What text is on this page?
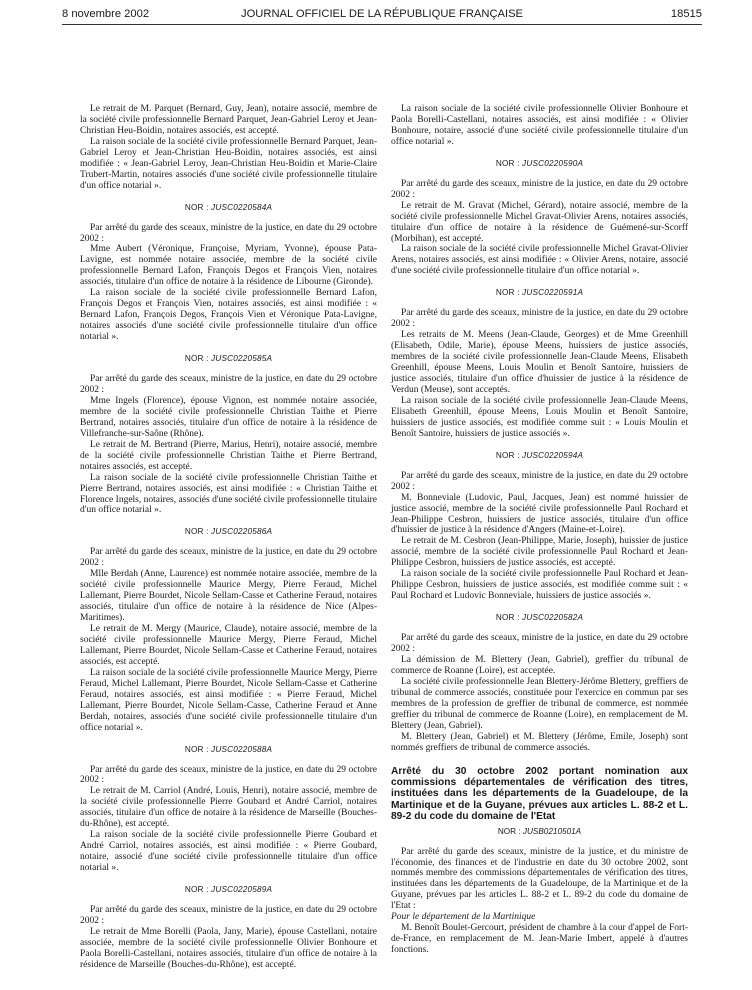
8 novembre 2002	JOURNAL OFFICIEL DE LA RÉPUBLIQUE FRANÇAISE	18515

Le retrait de M. Parquet (Bernard, Guy, Jean), notaire associé, membre de la société civile professionnelle Bernard Parquet, Jean-Gabriel Leroy et Jean-Christian Heu-Boidin, notaires associés, est accepté.

La raison sociale de la société civile professionnelle Bernard Parquet, Jean-Gabriel Leroy et Jean-Christian Heu-Boidin, notaires associés, est ainsi modifiée : « Jean-Gabriel Leroy, Jean-Christian Heu-Boidin et Marie-Claire Trubert-Martin, notaires associés d'une société civile professionnelle titulaire d'un office notarial ».

NOR : JUSC0220584A

Par arrêté du garde des sceaux, ministre de la justice, en date du 29 octobre 2002 :

Mme Aubert (Véronique, Françoise, Myriam, Yvonne), épouse Pata-Lavigne, est nommée notaire associée, membre de la société civile professionnelle Bernard Lafon, François Degos et François Vien, notaires associés, titulaire d'un office de notaire à la résidence de Libourne (Gironde).

La raison sociale de la société civile professionnelle Bernard Lafon, François Degos et François Vien, notaires associés, est ainsi modifiée : « Bernard Lafon, François Degos, François Vien et Véronique Pata-Lavigne, notaires associés d'une société civile professionnelle titulaire d'un office notarial ».

NOR : JUSC0220585A

Par arrêté du garde des sceaux, ministre de la justice, en date du 29 octobre 2002 :

Mme Ingels (Florence), épouse Vignon, est nommée notaire associée, membre de la société civile professionnelle Christian Taithe et Pierre Bertrand, notaires associés, titulaire d'un office de notaire à la résidence de Villefranche-sur-Saône (Rhône).

Le retrait de M. Bertrand (Pierre, Marius, Henri), notaire associé, membre de la société civile professionnelle Christian Taithe et Pierre Bertrand, notaires associés, est accepté.

La raison sociale de la société civile professionnelle Christian Taithe et Pierre Bertrand, notaires associés, est ainsi modifiée : « Christian Taithe et Florence Ingels, notaires, associés d'une société civile professionnelle titulaire d'un office notarial ».

NOR : JUSC0220586A

Par arrêté du garde des sceaux, ministre de la justice, en date du 29 octobre 2002 :

Mlle Berdah (Anne, Laurence) est nommée notaire associée, membre de la société civile professionnelle Maurice Mergy, Pierre Feraud, Michel Lallemant, Pierre Bourdet, Nicole Sellam-Casse et Catherine Feraud, notaires associés, titulaire d'un office de notaire à la résidence de Nice (Alpes-Maritimes).

Le retrait de M. Mergy (Maurice, Claude), notaire associé, membre de la société civile professionnelle Maurice Mergy, Pierre Feraud, Michel Lallemant, Pierre Bourdet, Nicole Sellam-Casse et Catherine Feraud, notaires associés, est accepté.

La raison sociale de la société civile professionnelle Maurice Mergy, Pierre Feraud, Michel Lallemant, Pierre Bourdet, Nicole Sellam-Casse et Catherine Feraud, notaires associés, est ainsi modifiée : « Pierre Feraud, Michel Lallemant, Pierre Bourdet, Nicole Sellam-Casse, Catherine Feraud et Anne Berdah, notaires, associés d'une société civile professionnelle titulaire d'un office notarial ».

NOR : JUSC0220588A

Par arrêté du garde des sceaux, ministre de la justice, en date du 29 octobre 2002 :

Le retrait de M. Carriol (André, Louis, Henri), notaire associé, membre de la société civile professionnelle Pierre Goubard et André Carriol, notaires associés, titulaire d'un office de notaire à la résidence de Marseille (Bouches-du-Rhône), est accepté.

La raison sociale de la société civile professionnelle Pierre Goubard et André Carriol, notaires associés, est ainsi modifiée : « Pierre Goubard, notaire, associé d'une société civile professionnelle titulaire d'un office notarial ».

NOR : JUSC0220589A

Par arrêté du garde des sceaux, ministre de la justice, en date du 29 octobre 2002 :

Le retrait de Mme Borelli (Paola, Jany, Marie), épouse Castellani, notaire associée, membre de la société civile professionnelle Olivier Bonhoure et Paola Borelli-Castellani, notaires associés, titulaire d'un office de notaire à la résidence de Marseille (Bouches-du-Rhône), est accepté.

La raison sociale de la société civile professionnelle Olivier Bonhoure et Paola Borelli-Castellani, notaires associés, est ainsi modifiée : « Olivier Bonhoure, notaire, associé d'une société civile professionnelle titulaire d'un office notarial ».

NOR : JUSC0220590A

Par arrêté du garde des sceaux, ministre de la justice, en date du 29 octobre 2002 :

Le retrait de M. Gravat (Michel, Gérard), notaire associé, membre de la société civile professionnelle Michel Gravat-Olivier Arens, notaires associés, titulaire d'un office de notaire à la résidence de Guémené-sur-Scorff (Morbihan), est accepté.

La raison sociale de la société civile professionnelle Michel Gravat-Olivier Arens, notaires associés, est ainsi modifiée : « Olivier Arens, notaire, associé d'une société civile professionnelle titulaire d'un office notarial ».

NOR : JUSC0220591A

Par arrêté du garde des sceaux, ministre de la justice, en date du 29 octobre 2002 :

Les retraits de M. Meens (Jean-Claude, Georges) et de Mme Greenhill (Elisabeth, Odile, Marie), épouse Meens, huissiers de justice associés, membres de la société civile professionnelle Jean-Claude Meens, Elisabeth Greenhill, épouse Meens, Louis Moulin et Benoît Santoire, huissiers de justice associés, titulaire d'un office d'huissier de justice à la résidence de Verdun (Meuse), sont acceptés.

La raison sociale de la société civile professionnelle Jean-Claude Meens, Elisabeth Greenhill, épouse Meens, Louis Moulin et Benoît Santoire, huissiers de justice associés, est modifiée comme suit : « Louis Moulin et Benoît Santoire, huissiers de justice associés ».

NOR : JUSC0220594A

Par arrêté du garde des sceaux, ministre de la justice, en date du 29 octobre 2002 :

M. Bonneviale (Ludovic, Paul, Jacques, Jean) est nommé huissier de justice associé, membre de la société civile professionnelle Paul Rochard et Jean-Philippe Cesbron, huissiers de justice associés, titulaire d'un office d'huissier de justice à la résidence d'Angers (Maine-et-Loire).

Le retrait de M. Cesbron (Jean-Philippe, Marie, Joseph), huissier de justice associé, membre de la société civile professionnelle Paul Rochard et Jean-Philippe Cesbron, huissiers de justice associés, est accepté.

La raison sociale de la société civile professionnelle Paul Rochard et Jean-Philippe Cesbron, huissiers de justice associés, est modifiée comme suit : « Paul Rochard et Ludovic Bonneviale, huissiers de justice associés ».

NOR : JUSC0220582A

Par arrêté du garde des sceaux, ministre de la justice, en date du 29 octobre 2002 :

La démission de M. Blettery (Jean, Gabriel), greffier du tribunal de commerce de Roanne (Loire), est acceptée.

La société civile professionnelle Jean Blettery-Jérôme Blettery, greffiers de tribunal de commerce associés, constituée pour l'exercice en commun par ses membres de la profession de greffier de tribunal de commerce, est nommée greffier du tribunal de commerce de Roanne (Loire), en remplacement de M. Blettery (Jean, Gabriel).

M. Blettery (Jean, Gabriel) et M. Blettery (Jérôme, Emile, Joseph) sont nommés greffiers de tribunal de commerce associés.

Arrêté du 30 octobre 2002 portant nomination aux commissions départementales de vérification des titres, instituées dans les départements de la Guadeloupe, de la Martinique et de la Guyane, prévues aux articles L. 88-2 et L. 89-2 du code du domaine de l'Etat
NOR : JUSB0210501A

Par arrêté du garde des sceaux, ministre de la justice, et du ministre de l'économie, des finances et de l'industrie en date du 30 octobre 2002, sont nommés membre des commissions départementales de vérification des titres, instituées dans les départements de la Guadeloupe, de la Martinique et de la Guyane, prévues par les articles L. 88-2 et L. 89-2 du code du domaine de l'Etat :

Pour le département de la Martinique

M. Benoît Boulet-Gercourt, président de chambre à la cour d'appel de Fort-de-France, en remplacement de M. Jean-Marie Imbert, appelé à d'autres fonctions.
